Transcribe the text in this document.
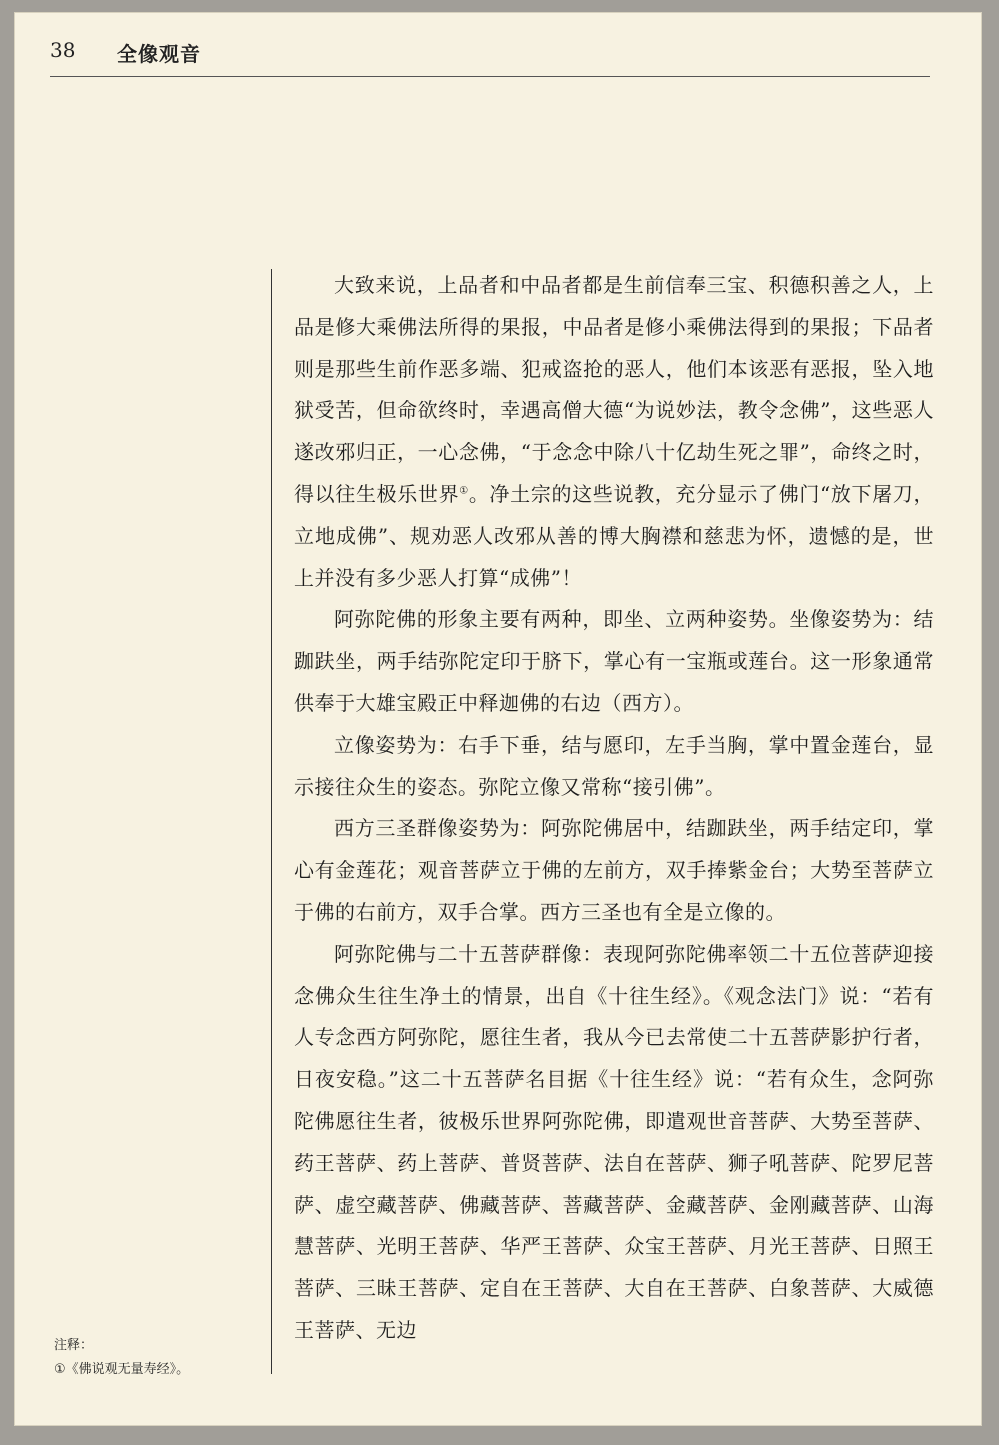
38 全像观音

大致来说，上品者和中品者都是生前信奉三宝、积德积善之人，上品是修大乘佛法所得的果报，中品者是修小乘佛法得到的果报；下品者则是那些生前作恶多端、犯戒盗抢的恶人，他们本该恶有恶报，坠入地狱受苦，但命欲终时，幸遇高僧大德“为说妙法，教令念佛”，这些恶人遂改邪归正，一心念佛，“于念念中除八十亿劫生死之罪”，命终之时，得以往生极乐世界①。净土宗的这些说教，充分显示了佛门“放下屠刀，立地成佛”、规劝恶人改邪从善的博大胸襟和慈悲为怀，遗憾的是，世上并没有多少恶人打算“成佛”！

阿弥陀佛的形象主要有两种，即坐、立两种姿势。坐像姿势为：结跏趺坐，两手结弥陀定印于脐下，掌心有一宝瓶或莲台。这一形象通常供奉于大雄宝殿正中释迦佛的右边（西方）。

立像姿势为：右手下垂，结与愿印，左手当胸，掌中置金莲台，显示接往众生的姿态。弥陀立像又常称“接引佛”。

西方三圣群像姿势为：阿弥陀佛居中，结跏趺坐，两手结定印，掌心有金莲花；观音菩萨立于佛的左前方，双手捧紫金台；大势至菩萨立于佛的右前方，双手合掌。西方三圣也有全是立像的。

阿弥陀佛与二十五菩萨群像：表现阿弥陀佛率领二十五位菩萨迎接念佛众生往生净土的情景，出自《十往生经》。《观念法门》说：“若有人专念西方阿弥陀，愿往生者，我从今已去常使二十五菩萨影护行者，日夜安稳。”这二十五菩萨名目据《十往生经》说：“若有众生，念阿弥陀佛愿往生者，彼极乐世界阿弥陀佛，即遣观世音菩萨、大势至菩萨、药王菩萨、药上菩萨、普贤菩萨、法自在菩萨、狮子吼菩萨、陀罗尼菩萨、虚空藏菩萨、佛藏菩萨、菩藏菩萨、金藏菩萨、金刚藏菩萨、山海慧菩萨、光明王菩萨、华严王菩萨、众宝王菩萨、月光王菩萨、日照王菩萨、三昧王菩萨、定自在王菩萨、大自在王菩萨、白象菩萨、大威德王菩萨、无边

注释：
①《佛说观无量寿经》。
